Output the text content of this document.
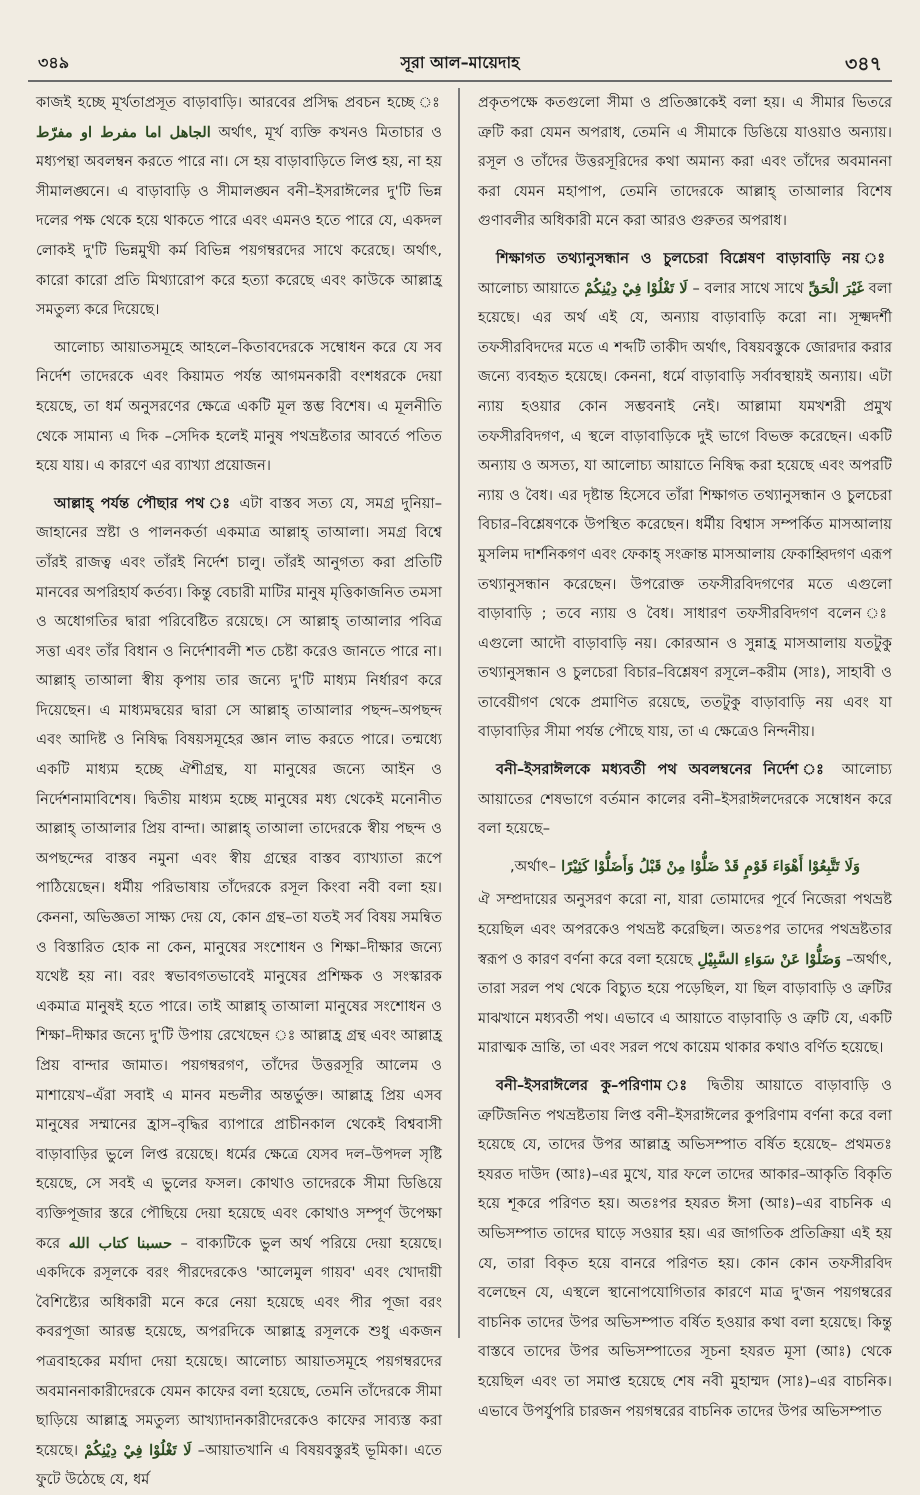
৩৪৯	সূরা আল–মায়েদাহ	৩৪৭

কাজই হচ্ছে মূর্খতাপ্রসূত বাড়াবাড়ি। আরবের প্রসিদ্ধ প্রবচন হচ্ছে ঃ الجاهل اما مفرط او مفرّط অর্থাৎ, মূর্খ ব্যক্তি কখনও মিতাচার ও মধ্যপন্থা অবলম্বন করতে পারে না। সে হয় বাড়াবাড়িতে লিপ্ত হয়, না হয় সীমালঙ্ঘনে। এ বাড়াবাড়ি ও সীমালঙ্ঘন বনী–ইসরাঈলের দু'টি ভিন্ন দলের পক্ষ থেকে হয়ে থাকতে পারে এবং এমনও হতে পারে যে, একদল লোকই দু'টি ভিন্নমুখী কর্ম বিভিন্ন পয়গম্বরদের সাথে করেছে। অর্থাৎ, কারো কারো প্রতি মিথ্যারোপ করে হত্যা করেছে এবং কাউকে আল্লাহ্র সমতুল্য করে দিয়েছে।

আলোচ্য আয়াতসমূহে আহলে–কিতাবদেরকে সম্বোধন করে যে সব নির্দেশ তাদেরকে এবং কিয়ামত পর্যন্ত আগমনকারী বংশধরকে দেয়া হয়েছে, তা ধর্ম অনুসরণের ক্ষেত্রে একটি মূল স্তম্ভ বিশেষ। এ মূলনীতি থেকে সামান্য এ দিক –সেদিক হলেই মানুষ পথভ্রষ্টতার আবর্তে পতিত হয়ে যায়। এ কারণে এর ব্যাখ্যা প্রয়োজন।

আল্লাহ্ পর্যন্ত পৌছার পথ ঃ এটা বাস্তব সত্য যে, সমগ্র দুনিয়া–জাহানের স্রষ্টা ও পালনকর্তা একমাত্র আল্লাহ্ তাআলা। সমগ্র বিশ্বে তাঁরই রাজত্ব এবং তাঁরই নির্দেশ চালু। তাঁরই আনুগত্য করা প্রতিটি মানবের অপরিহার্য কর্তব্য। কিন্তু বেচারী মাটির মানুষ মৃত্তিকাজনিত তমসা ও অধোগতির দ্বারা পরিবেষ্টিত রয়েছে। সে আল্লাহ্ তাআলার পবিত্র সত্তা এবং তাঁর বিধান ও নির্দেশাবলী শত চেষ্টা করেও জানতে পারে না। আল্লাহ্ তাআলা স্বীয় কৃপায় তার জন্যে দু'টি মাধ্যম নির্ধারণ করে দিয়েছেন। এ মাধ্যমদ্বয়ের দ্বারা সে আল্লাহ্ তাআলার পছন্দ–অপছন্দ এবং আদিষ্ট ও নিষিদ্ধ বিষয়সমূহের জ্ঞান লাভ করতে পারে। তন্মধ্যে একটি মাধ্যম হচ্ছে ঐশীগ্রন্থ, যা মানুষের জন্যে আইন ও নির্দেশনামাবিশেষ। দ্বিতীয় মাধ্যম হচ্ছে মানুষের মধ্য থেকেই মনোনীত আল্লাহ্ তাআলার প্রিয় বান্দা। আল্লাহ্ তাআলা তাদেরকে স্বীয় পছন্দ ও অপছন্দের বাস্তব নমুনা এবং স্বীয় গ্রন্থের বাস্তব ব্যাখ্যাতা রূপে পাঠিয়েছেন। ধর্মীয় পরিভাষায় তাঁদেরকে রসূল কিংবা নবী বলা হয়। কেননা, অভিজ্ঞতা সাক্ষ্য দেয় যে, কোন গ্রন্থ–তা যতই সর্ব বিষয় সমন্বিত ও বিস্তারিত হোক না কেন, মানুষের সংশোধন ও শিক্ষা–দীক্ষার জন্যে যথেষ্ট হয় না। বরং স্বভাবগতভাবেই মানুষের প্রশিক্ষক ও সংস্কারক একমাত্র মানুষই হতে পারে। তাই আল্লাহ্ তাআলা মানুষের সংশোধন ও শিক্ষা–দীক্ষার জন্যে দু'টি উপায় রেখেছেন ঃ আল্লাহ্র গ্রন্থ এবং আল্লাহ্র প্রিয় বান্দার জামাত। পয়গম্বরগণ, তাঁদের উত্তরসূরি আলেম ও মাশায়েখ–এঁরা সবাই এ মানব মন্ডলীর অন্তর্ভুক্ত। আল্লাহ্র প্রিয় এসব মানুষের সম্মানের হ্রাস–বৃদ্ধির ব্যাপারে প্রাচীনকাল থেকেই বিশ্ববাসী বাড়াবাড়ির ভুলে লিপ্ত রয়েছে। ধর্মের ক্ষেত্রে যেসব দল–উপদল সৃষ্টি হয়েছে, সে সবই এ ভুলের ফসল। কোথাও তাদেরকে সীমা ডিঙিয়ে ব্যক্তিপূজার স্তরে পৌছিয়ে দেয়া হয়েছে এবং কোথাও সম্পূর্ণ উপেক্ষা করে حسبنا كتاب الله – বাক্যটিকে ভুল অর্থ পরিয়ে দেয়া হয়েছে। একদিকে রসূলকে বরং পীরদেরকেও 'আলেমুল গায়ব' এবং খোদায়ী বৈশিষ্ট্যের অধিকারী মনে করে নেয়া হয়েছে এবং পীর পূজা বরং কবরপূজা আরম্ভ হয়েছে, অপরদিকে আল্লাহ্র রসূলকে শুধু একজন পত্রবাহকের মর্যাদা দেয়া হয়েছে। আলোচ্য আয়াতসমূহে পয়গম্বরদের অবমাননাকারীদেরকে যেমন কাফের বলা হয়েছে, তেমনি তাঁদেরকে সীমা ছাড়িয়ে আল্লাহ্র সমতুল্য আখ্যাদানকারীদেরকেও কাফের সাব্যস্ত করা হয়েছে। لَا تَغْلُوْا فِيْ دِيْنِكُمْ –আয়াতখানি এ বিষয়বস্তুরই ভূমিকা। এতে ফুটে উঠেছে যে, ধর্ম

প্রকৃতপক্ষে কতগুলো সীমা ও প্রতিজ্ঞাকেই বলা হয়। এ সীমার ভিতরে ত্রুটি করা যেমন অপরাধ, তেমনি এ সীমাকে ডিঙিয়ে যাওয়াও অন্যায়। রসূল ও তাঁদের উত্তরসূরিদের কথা অমান্য করা এবং তাঁদের অবমাননা করা যেমন মহাপাপ, তেমনি তাদেরকে আল্লাহ্ তাআলার বিশেষ গুণাবলীর অধিকারী মনে করা আরও গুরুতর অপরাধ।

শিক্ষাগত তথ্যানুসন্ধান ও চুলচেরা বিশ্লেষণ বাড়াবাড়ি নয় ঃ আলোচ্য আয়াতে لَا تَغْلُوْا فِيْ دِيْنِكُمْ – বলার সাথে সাথে غَيْرَ الْحَقِّ বলা হয়েছে। এর অর্থ এই যে, অন্যায় বাড়াবাড়ি করো না। সূক্ষ্মদর্শী তফসীরবিদদের মতে এ শব্দটি তাকীদ অর্থাৎ, বিষয়বস্তুকে জোরদার করার জন্যে ব্যবহৃত হয়েছে। কেননা, ধর্মে বাড়াবাড়ি সর্বাবস্থায়ই অন্যায়। এটা ন্যায় হওয়ার কোন সম্ভবনাই নেই। আল্লামা যমখশরী প্রমুখ তফসীরবিদগণ, এ স্থলে বাড়াবাড়িকে দুই ভাগে বিভক্ত করেছেন। একটি অন্যায় ও অসত্য, যা আলোচ্য আয়াতে নিষিদ্ধ করা হয়েছে এবং অপরটি ন্যায় ও বৈধ। এর দৃষ্টান্ত হিসেবে তাঁরা শিক্ষাগত তথ্যানুসন্ধান ও চুলচেরা বিচার–বিশ্লেষণকে উপস্থিত করেছেন। ধর্মীয় বিশ্বাস সম্পর্কিত মাসআলায় মুসলিম দার্শনিকগণ এবং ফেকাহ্ সংক্রান্ত মাসআলায় ফেকাহ্বিদগণ এরূপ তথ্যানুসন্ধান করেছেন। উপরোক্ত তফসীরবিদগণের মতে এগুলো বাড়াবাড়ি ; তবে ন্যায় ও বৈধ। সাধারণ তফসীরবিদগণ বলেন ঃ এগুলো আদৌ বাড়াবাড়ি নয়। কোরআন ও সুন্নাহ্র মাসআলায় যতটুকু তথ্যানুসন্ধান ও চুলচেরা বিচার–বিশ্লেষণ রসূলে–করীম (সাঃ), সাহাবী ও তাবেয়ীগণ থেকে প্রমাণিত রয়েছে, ততটুকু বাড়াবাড়ি নয় এবং যা বাড়াবাড়ির সীমা পর্যন্ত পৌছে যায়, তা এ ক্ষেত্রেও নিন্দনীয়।

বনী–ইসরাঈলকে মধ্যবর্তী পথ অবলম্বনের নির্দেশ ঃ আলোচ্য আয়াতের শেষভাগে বর্তমান কালের বনী–ইসরাঈলদেরকে সম্বোধন করে বলা হয়েছে–

وَلَا تَتَّبِعُوْا أَهْوَاءَ قَوْمٍ قَدْ ضَلُّوْا مِنْ قَبْلُ وَأَضَلُّوْا كَثِيْرًا –অর্থাৎ,

ঐ সম্প্রদায়ের অনুসরণ করো না, যারা তোমাদের পূর্বে নিজেরা পথভ্রষ্ট হয়েছিল এবং অপরকেও পথভ্রষ্ট করেছিল। অতঃপর তাদের পথভ্রষ্টতার স্বরূপ ও কারণ বর্ণনা করে বলা হয়েছে وَضَلُّوْا عَنْ سَوَاءِ السَّبِيْلِ –অর্থাৎ, তারা সরল পথ থেকে বিচ্যুত হয়ে পড়েছিল, যা ছিল বাড়াবাড়ি ও ত্রুটির মাঝখানে মধ্যবর্তী পথ। এভাবে এ আয়াতে বাড়াবাড়ি ও ত্রুটি যে, একটি মারাত্মক ভ্রান্তি, তা এবং সরল পথে কায়েম থাকার কথাও বর্ণিত হয়েছে।

বনী–ইসরাঈলের কু–পরিণাম ঃ দ্বিতীয় আয়াতে বাড়াবাড়ি ও ত্রুটিজনিত পথভ্রষ্টতায় লিপ্ত বনী–ইসরাঈলের কুপরিণাম বর্ণনা করে বলা হয়েছে যে, তাদের উপর আল্লাহ্র অভিসম্পাত বর্ষিত হয়েছে– প্রথমতঃ হযরত দাউদ (আঃ)–এর মুখে, যার ফলে তাদের আকার–আকৃতি বিকৃতি হয়ে শূকরে পরিণত হয়। অতঃপর হযরত ঈসা (আঃ)–এর বাচনিক এ অভিসম্পাত তাদের ঘাড়ে সওয়ার হয়। এর জাগতিক প্রতিক্রিয়া এই হয় যে, তারা বিকৃত হয়ে বানরে পরিণত হয়। কোন কোন তফসীরবিদ বলেছেন যে, এস্থলে স্থানোপযোগিতার কারণে মাত্র দু'জন পয়গম্বরের বাচনিক তাদের উপর অভিসম্পাত বর্ষিত হওয়ার কথা বলা হয়েছে। কিন্তু বাস্তবে তাদের উপর অভিসম্পাতের সূচনা হযরত মূসা (আঃ) থেকে হয়েছিল এবং তা সমাপ্ত হয়েছে শেষ নবী মুহাম্মদ (সাঃ)–এর বাচনিক। এভাবে উপর্যুপরি চারজন পয়গম্বরের বাচনিক তাদের উপর অভিসম্পাত
